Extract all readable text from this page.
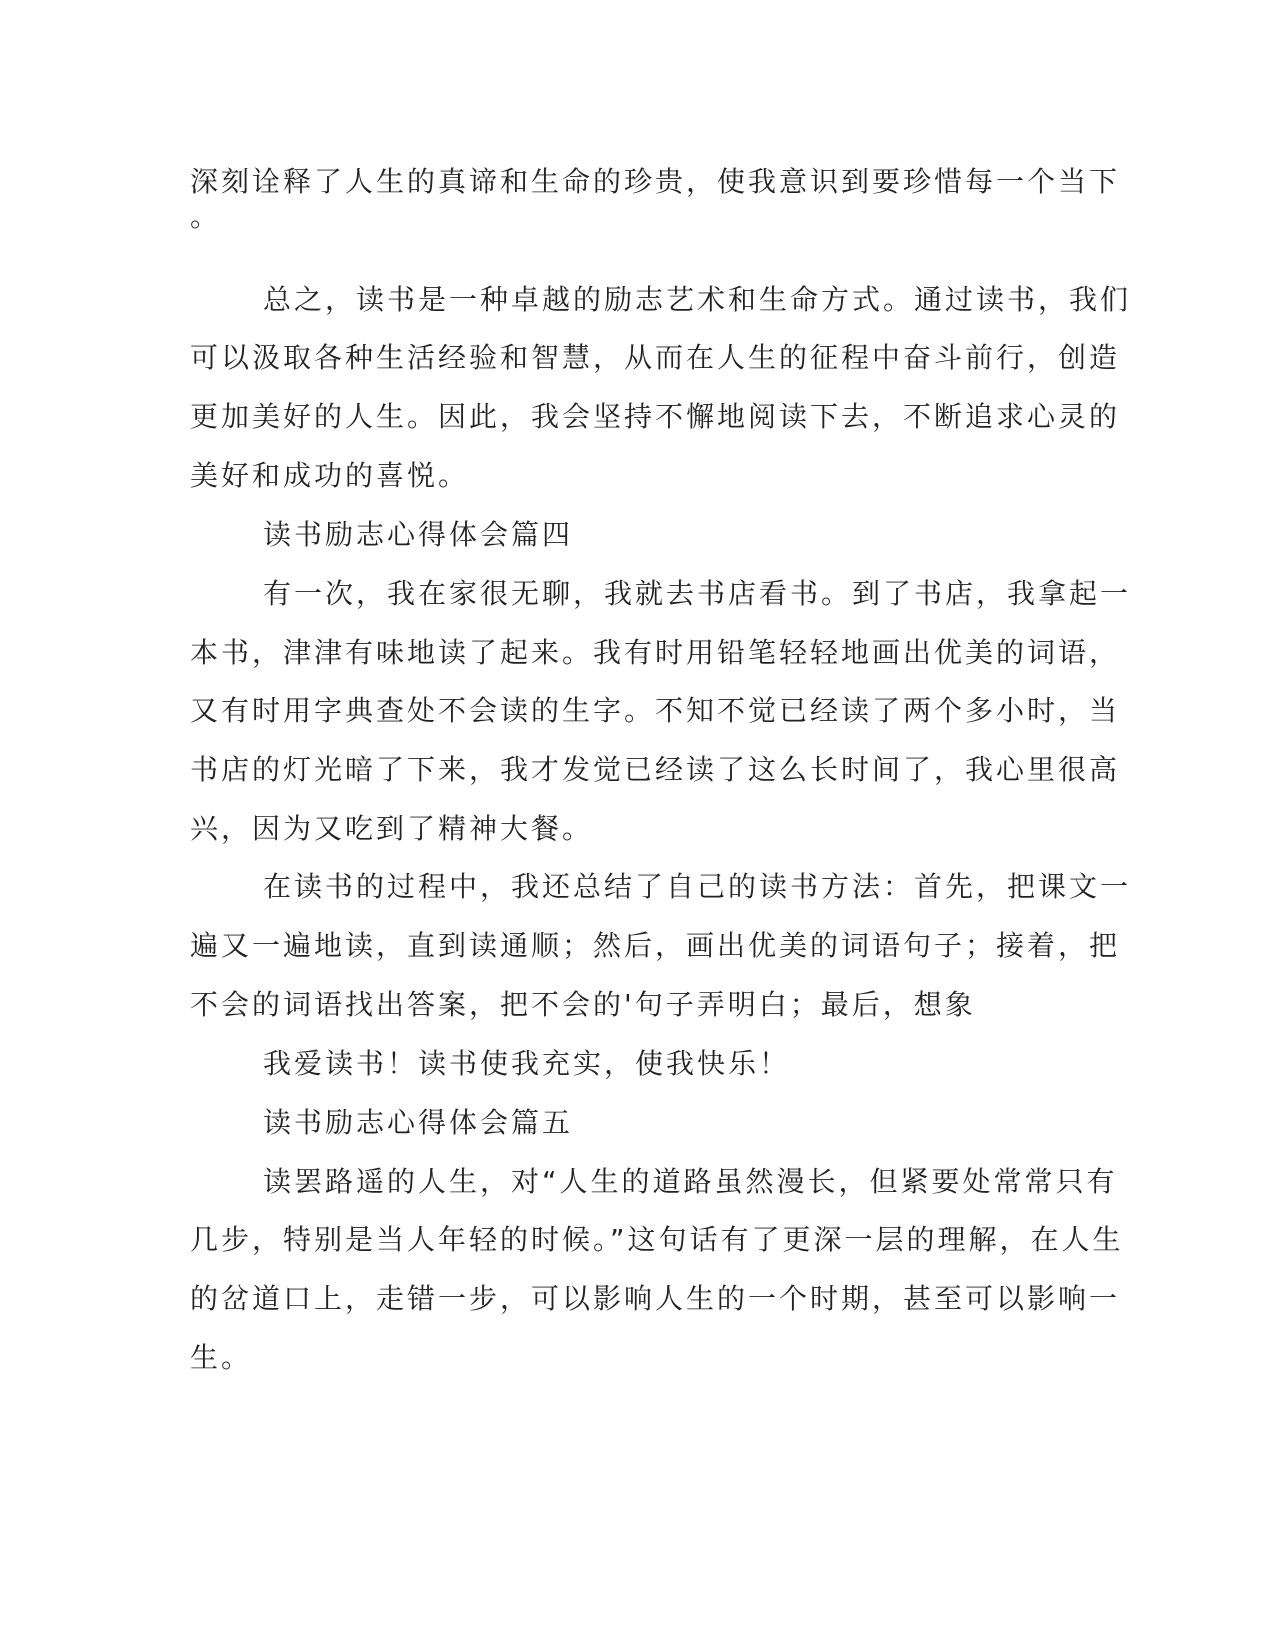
深刻诠释了人生的真谛和生命的珍贵，使我意识到要珍惜每一个当下
。
总之，读书是一种卓越的励志艺术和生命方式。通过读书，我们
可以汲取各种生活经验和智慧，从而在人生的征程中奋斗前行，创造
更加美好的人生。因此，我会坚持不懈地阅读下去，不断追求心灵的
美好和成功的喜悦。
读书励志心得体会篇四
有一次，我在家很无聊，我就去书店看书。到了书店，我拿起一
本书，津津有味地读了起来。我有时用铅笔轻轻地画出优美的词语，
又有时用字典查处不会读的生字。不知不觉已经读了两个多小时，当
书店的灯光暗了下来，我才发觉已经读了这么长时间了，我心里很高
兴，因为又吃到了精神大餐。
在读书的过程中，我还总结了自己的读书方法：首先，把课文一
遍又一遍地读，直到读通顺；然后，画出优美的词语句子；接着，把
不会的词语找出答案，把不会的'句子弄明白；最后，想象
我爱读书！读书使我充实，使我快乐！
读书励志心得体会篇五
读罢路遥的人生，对“人生的道路虽然漫长，但紧要处常常只有
几步，特别是当人年轻的时候。”这句话有了更深一层的理解，在人生
的岔道口上，走错一步，可以影响人生的一个时期，甚至可以影响一
生。
